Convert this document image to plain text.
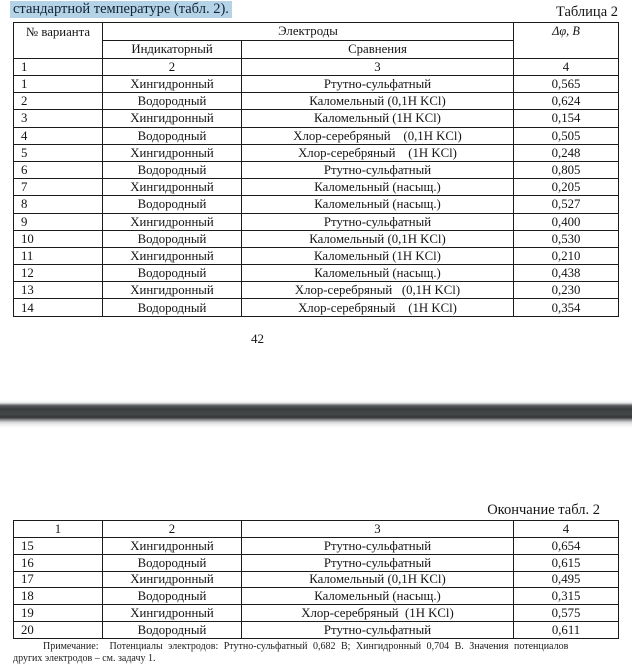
стандартной температуре (табл. 2).	Таблица 2
№ варианта	Электроды		Δφ, В
	Индикаторный	Сравнения	
1	2	3	4
1	Хингидронный	Ртутно-сульфатный	0,565
2	Водородный	Каломельный (0,1Н KCl)	0,624
3	Хингидронный	Каломельный (1Н KCl)	0,154
4	Водородный	Хлор-серебряный    (0,1Н KCl)	0,505
5	Хингидронный	Хлор-серебряный    (1Н KCl)	0,248
6	Водородный	Ртутно-сульфатный	0,805
7	Хингидронный	Каломельный (насыщ.)	0,205
8	Водородный	Каломельный (насыщ.)	0,527
9	Хингидронный	Ртутно-сульфатный	0,400
10	Водородный	Каломельный (0,1Н KCl)	0,530
11	Хингидронный	Каломельный (1Н KCl)	0,210
12	Водородный	Каломельный (насыщ.)	0,438
13	Хингидронный	Хлор-серебряный   (0,1Н KCl)	0,230
14	Водородный	Хлор-серебряный    (1Н KCl)	0,354
42
Окончание табл. 2
1	2	3	4
15	Хингидронный	Ртутно-сульфатный	0,654
16	Водородный	Ртутно-сульфатный	0,615
17	Хингидронный	Каломельный (0,1Н KCl)	0,495
18	Водородный	Каломельный (насыщ.)	0,315
19	Хингидронный	Хлор-серебряный  (1Н KCl)	0,575
20	Водородный	Ртутно-сульфатный	0,611
Примечание:  Потенциалы электродов: Ртутно-сульфатный 0,682 В; Хингидронный 0,704 В. Значения потенциалов
других электродов – см. задачу 1.
